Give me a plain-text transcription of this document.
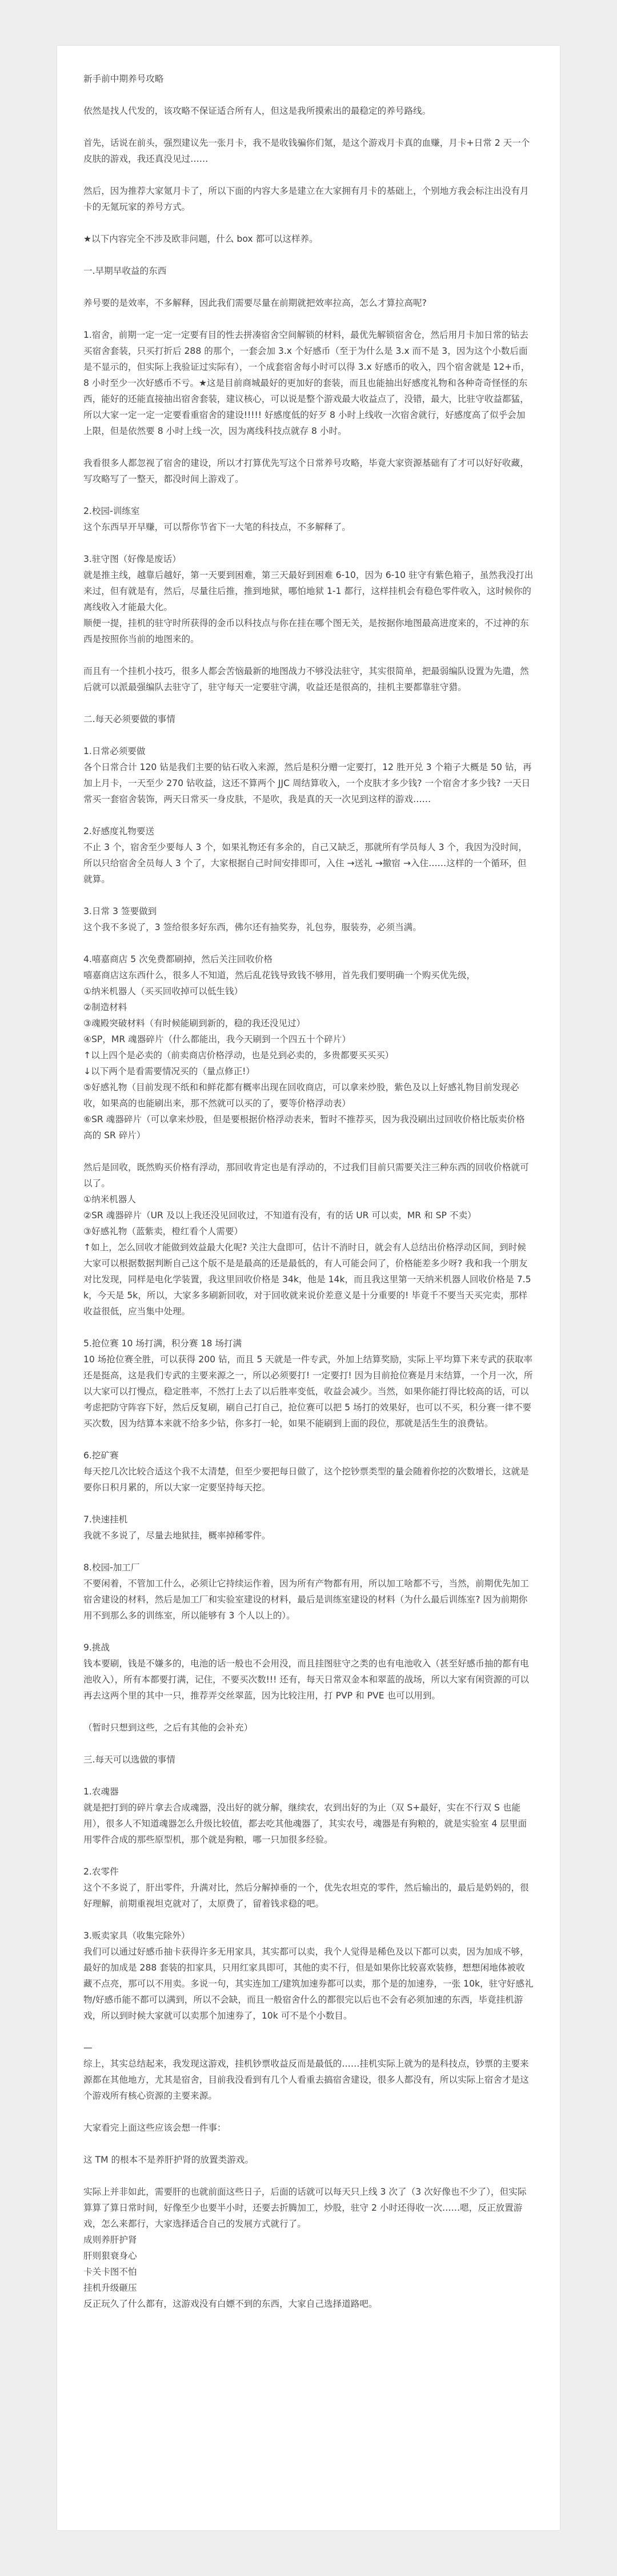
新手前中期养号攻略

依然是找人代发的，该攻略不保证适合所有人，但这是我所摸索出的最稳定的养号路线。

首先，话说在前头，强烈建议先一张月卡，我不是收钱骗你们氪，是这个游戏月卡真的血赚，月卡+日常 2 天一个皮肤的游戏，我还真没见过……

然后，因为推荐大家氪月卡了，所以下面的内容大多是建立在大家拥有月卡的基础上，个别地方我会标注出没有月卡的无氪玩家的养号方式。

★以下内容完全不涉及欧非问题，什么 box 都可以这样养。

一.早期早收益的东西

养号要的是效率，不多解释，因此我们需要尽量在前期就把效率拉高，怎么才算拉高呢?

1.宿舍，前期一定一定一定要有目的性去拼凑宿舍空间解锁的材料，最优先解锁宿舍仓，然后用月卡加日常的钻去买宿舍套装，只买打折后 288 的那个，一套会加 3.x 个好感币（至于为什么是 3.x 而不是 3，因为这个小数后面是不显示的，但实际上我验证过实际有），一个成套宿舍每小时可以得 3.x 好感币的收入，四个宿舍就是 12+币，8 小时至少一次好感币不亏。★这是目前商城最好的更加好的套装，而且也能抽出好感度礼物和各种奇奇怪怪的东西，能好的还能直接抽出宿舍套装，建议核心，可以说是整个游戏最大收益点了，没错，最大，比驻守收益都猛，所以大家一定一定一定要看重宿舍的建设!!!!! 好感度低的好歹 8 小时上线收一次宿舍就行，好感度高了似乎会加上限，但是依然要 8 小时上线一次，因为离线科技点就存 8 小时。

我看很多人都忽视了宿舍的建设，所以才打算优先写这个日常养号攻略，毕竟大家资源基础有了才可以好好收藏，写攻略写了一整天，都没时间上游戏了。

2.校园-训练室
这个东西早开早赚，可以帮你节省下一大笔的科技点，不多解释了。

3.驻守图（好像是废话）
就是推主线，越靠后越好，第一天要到困难，第三天最好到困难 6-10，因为 6-10 驻守有紫色箱子，虽然我没打出来过，但有就是有，然后，尽量往后推，推到地狱，哪怕地狱 1-1 都行，这样挂机会有稳色零件收入，这时候你的离线收入才能最大化。
顺便一提，挂机的驻守时所获得的金币以科技点与你在挂在哪个图无关，是按据你地图最高进度来的，不过神的东西是按照你当前的地图来的。

而且有一个挂机小技巧，很多人都会苦恼最新的地图战力不够没法驻守，其实很简单，把最弱编队设置为先遣，然后就可以派最强编队去驻守了，驻守每天一定要驻守满，收益还是很高的，挂机主要都靠驻守猎。

二.每天必须要做的事情

1.日常必须要做
各个日常合计 120 钻是我们主要的钻石收入来源，然后是积分赠一定要打，12 胜开兑 3 个箱子大概是 50 钻，再加上月卡，一天至少 270 钻收益，这还不算两个 JJC 周结算收入，一个皮肤才多少钱? 一个宿舍才多少钱? 一天日常买一套宿舍装饰，两天日常买一身皮肤，不是吹，我是真的天一次见到这样的游戏……

2.好感度礼物要送
不止 3 个，宿舍至少要每人 3 个，如果礼物还有多余的，自己又缺乏，那就所有学员每人 3 个，我因为没时间，所以只给宿舍全员每人 3 个了，大家根据自己时间安排即可，入住 →送礼 →撤宿 →入住……这样的一个循环，但就算。

3.日常 3 签要做到
这个我不多说了，3 签给很多好东西，佛尔还有抽奖券，礼包券，服装券，必须当满。

4.嘻嘉商店 5 次免费都刷掉，然后关注回收价格
嘻嘉商店这东西什么，很多人不知道，然后乱花钱导致钱不够用，首先我们要明确一个购买优先级，
①纳米机器人（买买回收掉可以低生钱）
②制造材料
③魂殿突破材料（有时候能刷到新的，稳的我还没见过）
④SP，MR 魂器碎片（什么都能出，我今天刷到一个四五十个碎片）
↑以上四个是必卖的（前卖商店价格浮动，也是兑到必卖的，多贵都要买买买）
↓以下两个是看需要情况买的（量点修正!）
⑤好感礼物（目前发现不纸和和鲜花都有概率出现在回收商店，可以拿来炒股，紫色及以上好感礼物目前发现必收，如果高的也能刷出来，那不然就可以买的了，要等价格浮动表）
⑥SR 魂器碎片（可以拿来炒股，但是要根据价格浮动表来，暂时不推荐买，因为我没刷出过回收价格比版卖价格高的 SR 碎片）

然后是回收，既然购买价格有浮动，那回收肯定也是有浮动的，不过我们目前只需要关注三种东西的回收价格就可以了。
①纳米机器人
②SR 魂器碎片（UR 及以上我还没见回收过，不知道有没有，有的话 UR 可以卖，MR 和 SP 不卖）
③好感礼物（蓝紫卖，橙红看个人需要）
↑如上，怎么回收才能做到效益最大化呢? 关注大盘即可，估计不消时日，就会有人总结出价格浮动区间，到时候大家可以根据数据判断自己这个版不是是最高的还是最低的，有人可能会问了，价格能差多少呀? 我和我一个朋友对比发现，同样是电化学装置，我这里回收价格是 34k，他是 14k，而且我这里第一天纳米机器人回收价格是 7.5k，今天是 5k，所以，大家多多刷新回收，对于回收就来说价差意义是十分重要的! 毕竟千不要当天买完卖，那样收益很低，应当集中处理。

5.抢位赛 10 场打满，积分赛 18 场打满
10 场抢位赛全胜，可以获得 200 钻，而且 5 天就是一件专武，外加上结算奖励，实际上平均算下来专武的获取率还是挺高，这是我们专武的主要来源之一，所以必须要打! 一定要打! 因为目前抢位赛是月末结算，一个月一次，所以大家可以打慢点，稳定胜率，不然打上去了以后胜率变低，收益会减少。当然，如果你能打得比较高的话，可以考虑把防守阵容下好，然后反复刷，刷自己打自己，抢位赛可以把 5 场打的效果好，也可以不买，积分赛一律不要买次数，因为结算本来就不给多少钻，你多打一轮，如果不能刷到上面的段位，那就是活生生的浪费钻。

6.挖矿赛
每天挖几次比较合适这个我不太清楚，但至少要把每日做了，这个挖钞票类型的量会随着你挖的次数增长，这就是要你日积月累的，所以大家一定要坚持每天挖。

7.快速挂机
我就不多说了，尽量去地狱挂，概率掉稀零件。

8.校园-加工厂
不要闲着，不管加工什么，必须让它持续运作着，因为所有产物都有用，所以加工啥都不亏，当然，前期优先加工宿舍建设的材料，然后是加工厂和实验室建设的材料，最后是训练室建设的材料（为什么最后训练室? 因为前期你用不到那么多的训练室，所以能够有 3 个人以上的）。

9.挑战
钱本要刷，钱是不嫌多的，电池的话一般也不会用没，而且挂图驻守之类的也有电池收入（甚至好感币抽的都有电池收入），所有本都要打满，记住，不要买次数!!! 还有，每天日常双金本和翠蓝的战场，所以大家有闲资源的可以再去这两个里的其中一只，推荐弄交丝翠蓝，因为比较注用，打 PVP 和 PVE 也可以用到。

（暂时只想到这些，之后有其他的会补充）

三.每天可以选做的事情

1.农魂器
就是把打到的碎片拿去合成魂器，没出好的就分解，继续农，农到出好的为止（双 S+最好，实在不行双 S 也能用），很多人不知道魂器怎么升级比较值，都去吃其他魂器了，其实农号，魂器是有狗粮的，就是实验室 4 层里面用零件合成的那些原型机，那个就是狗粮，哪一只加很多经验。

2.农零件
这个不多说了，肝出零件，升满对比，然后分解掉垂的一个，优先农坦克的零件，然后输出的，最后是奶妈的，很好理解，前期重视坦克就对了，太原费了，留着钱求稳的吧。

3.贩卖家具（收集完除外）
我们可以通过好感币抽卡获得许多无用家具，其实都可以卖，我个人觉得是稀色及以下都可以卖，因为加成不够，最好的加成是 288 套装的扣家具，只用红家具即可，其他的卖不行，但是如果你比较喜欢装修，想想闲地体被收藏不点亮，那可以不用卖。多说一句，其实连加工/建筑加速券都可以卖，那个是的加速券，一张 10k，驻守好感礼物/好感币能不都可以满到，所以不会缺，而且一般宿舍什么的都很完以后也不会有必须加速的东西，毕竟挂机游戏，所以到时候大家就可以卖那个加速券了，10k 可不是个小数目。

—
综上，其实总结起来，我发现这游戏，挂机钞票收益反而是最低的……挂机实际上就为的是科技点，钞票的主要来源都在其他地方，尤其是宿舍，目前我没看到有几个人看重去搞宿舍建设，很多人都没有，所以实际上宿舍才是这个游戏所有核心资源的主要来源。

大家看完上面这些应该会想一件事：

这 TM 的根本不是养肝护肾的放置类游戏。

实际上并非如此，需要肝的也就前面这些日子，后面的话就可以每天只上线 3 次了（3 次好像也不少了），但实际算算了算日常时间，好像至少也要半小时，还要去折腾加工，炒股，驻守 2 小时还得收一次……嗯，反正放置游戏，怎么来都行，大家选择适合自己的发展方式就行了。
成则养肝护肾
肝则狠衰身心
卡关卡图不怕
挂机升级砸压
反正玩久了什么都有，这游戏没有白嫖不到的东西，大家自己选择道路吧。
